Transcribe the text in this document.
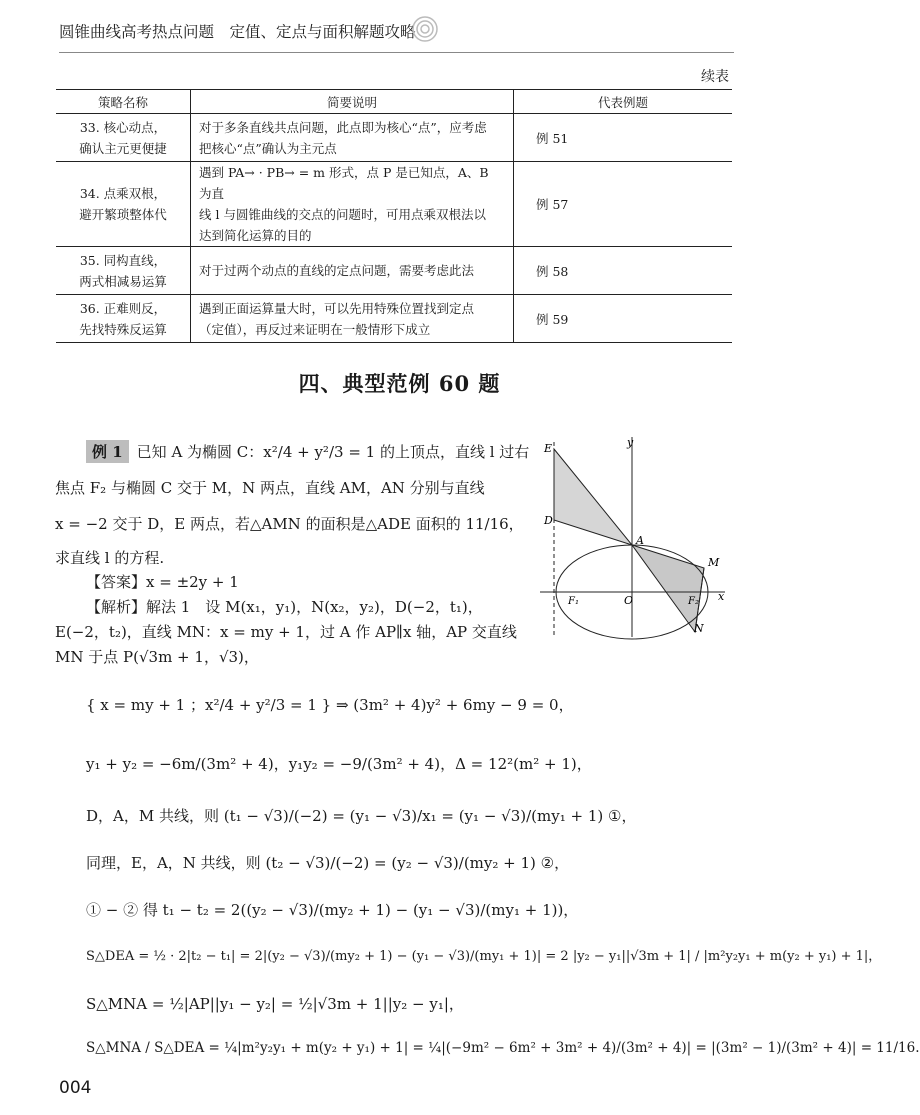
圆锥曲线高考热点问题　定值、定点与面积解题攻略
续表
策略名称	简要说明	代表例题
33. 核心动点，
确认主元更便捷	对于多条直线共点问题，此点即为核心“点”，应考虑
把核心“点”确认为主元点	例 51
34. 点乘双根，
避开繁琐整体代	遇到 PA→ · PB→ = m 形式，点 P 是已知点，A、B 为直
线 l 与圆锥曲线的交点的问题时，可用点乘双根法以
达到简化运算的目的	例 57
35. 同构直线，
两式相减易运算	对于过两个动点的直线的定点问题，需要考虑此法	例 58
36. 正难则反，
先找特殊反运算	遇到正面运算量大时，可以先用特殊位置找到定点
（定值），再反过来证明在一般情形下成立	例 59
四、典型范例 60 题
例 1 已知 A 为椭圆 C：x²/4 + y²/3 = 1 的上顶点，直线 l 过右
焦点 F₂ 与椭圆 C 交于 M，N 两点，直线 AM，AN 分别与直线
x = −2 交于 D，E 两点，若△AMN 的面积是△ADE 面积的 11/16，
求直线 l 的方程.
【答案】x = ±2y + 1
【解析】解法 1　设 M(x₁，y₁)，N(x₂，y₂)，D(−2，t₁)，
E(−2，t₂)，直线 MN：x = my + 1，过 A 作 AP∥x 轴，AP 交直线
MN 于点 P(√3m + 1，√3)，
{ x = my + 1 ；x²/4 + y²/3 = 1 } ⇒ (3m² + 4)y² + 6my − 9 = 0，
y₁ + y₂ = −6m/(3m² + 4)，y₁y₂ = −9/(3m² + 4)，Δ = 12²(m² + 1)，
D，A，M 共线，则 (t₁ − √3)/(−2) = (y₁ − √3)/x₁ = (y₁ − √3)/(my₁ + 1) ①，
同理，E，A，N 共线，则 (t₂ − √3)/(−2) = (y₂ − √3)/(my₂ + 1) ②，
① − ② 得 t₁ − t₂ = 2((y₂ − √3)/(my₂ + 1) − (y₁ − √3)/(my₁ + 1))，
S△DEA = ½ · 2|t₂ − t₁| = 2|(y₂ − √3)/(my₂ + 1) − (y₁ − √3)/(my₁ + 1)| = 2 |y₂ − y₁||√3m + 1| / |m²y₂y₁ + m(y₂ + y₁) + 1|，
S△MNA = ½|AP||y₁ − y₂| = ½|√3m + 1||y₂ − y₁|，
S△MNA / S△DEA = ¼|m²y₂y₁ + m(y₂ + y₁) + 1| = ¼|(−9m² − 6m² + 3m² + 4)/(3m² + 4)| = |(3m² − 1)/(3m² + 4)| = 11/16.
E
D
A
M
F₁	O	F₂
N
x
y
004
